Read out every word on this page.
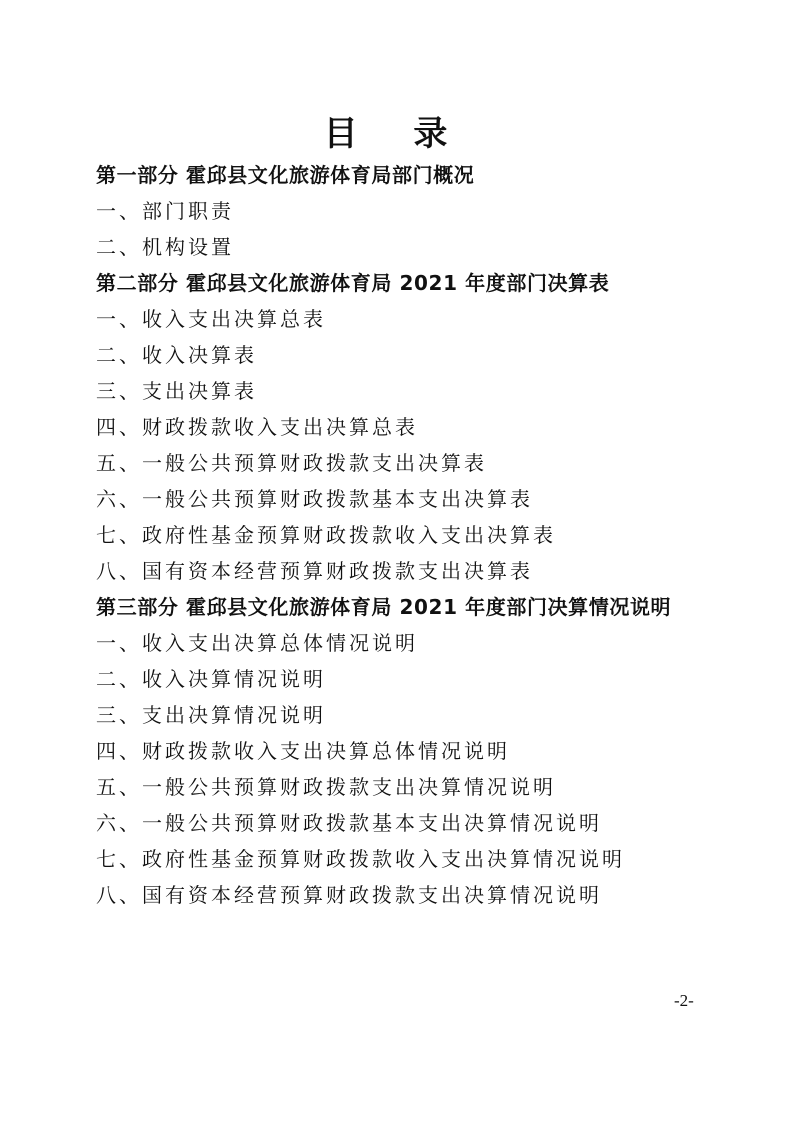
目 录
第一部分 霍邱县文化旅游体育局部门概况
一、部门职责
二、机构设置
第二部分 霍邱县文化旅游体育局 2021 年度部门决算表
一、收入支出决算总表
二、收入决算表
三、支出决算表
四、财政拨款收入支出决算总表
五、一般公共预算财政拨款支出决算表
六、一般公共预算财政拨款基本支出决算表
七、政府性基金预算财政拨款收入支出决算表
八、国有资本经营预算财政拨款支出决算表
第三部分 霍邱县文化旅游体育局 2021 年度部门决算情况说明
一、收入支出决算总体情况说明
二、收入决算情况说明
三、支出决算情况说明
四、财政拨款收入支出决算总体情况说明
五、一般公共预算财政拨款支出决算情况说明
六、一般公共预算财政拨款基本支出决算情况说明
七、政府性基金预算财政拨款收入支出决算情况说明
八、国有资本经营预算财政拨款支出决算情况说明
-2-
